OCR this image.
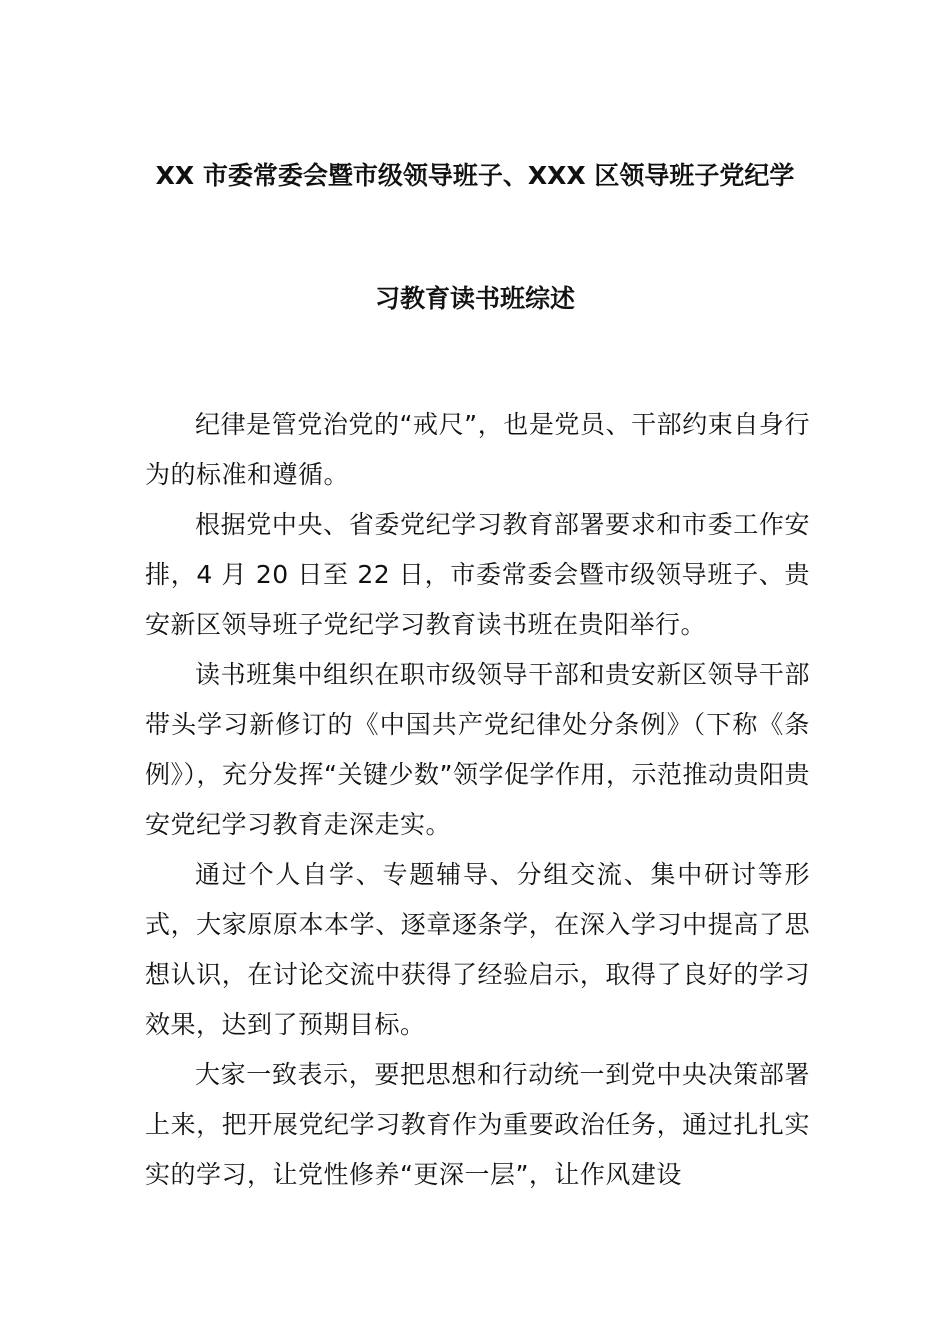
XX 市委常委会暨市级领导班子、XXX 区领导班子党纪学
习教育读书班综述

纪律是管党治党的“戒尺”，也是党员、干部约束自身行为的标准和遵循。

根据党中央、省委党纪学习教育部署要求和市委工作安排，4 月 20 日至 22 日，市委常委会暨市级领导班子、贵安新区领导班子党纪学习教育读书班在贵阳举行。

读书班集中组织在职市级领导干部和贵安新区领导干部带头学习新修订的《中国共产党纪律处分条例》（下称《条例》），充分发挥“关键少数”领学促学作用，示范推动贵阳贵安党纪学习教育走深走实。

通过个人自学、专题辅导、分组交流、集中研讨等形式，大家原原本本学、逐章逐条学，在深入学习中提高了思想认识，在讨论交流中获得了经验启示，取得了良好的学习效果，达到了预期目标。

大家一致表示，要把思想和行动统一到党中央决策部署上来，把开展党纪学习教育作为重要政治任务，通过扎扎实实的学习，让党性修养“更深一层”，让作风建设
